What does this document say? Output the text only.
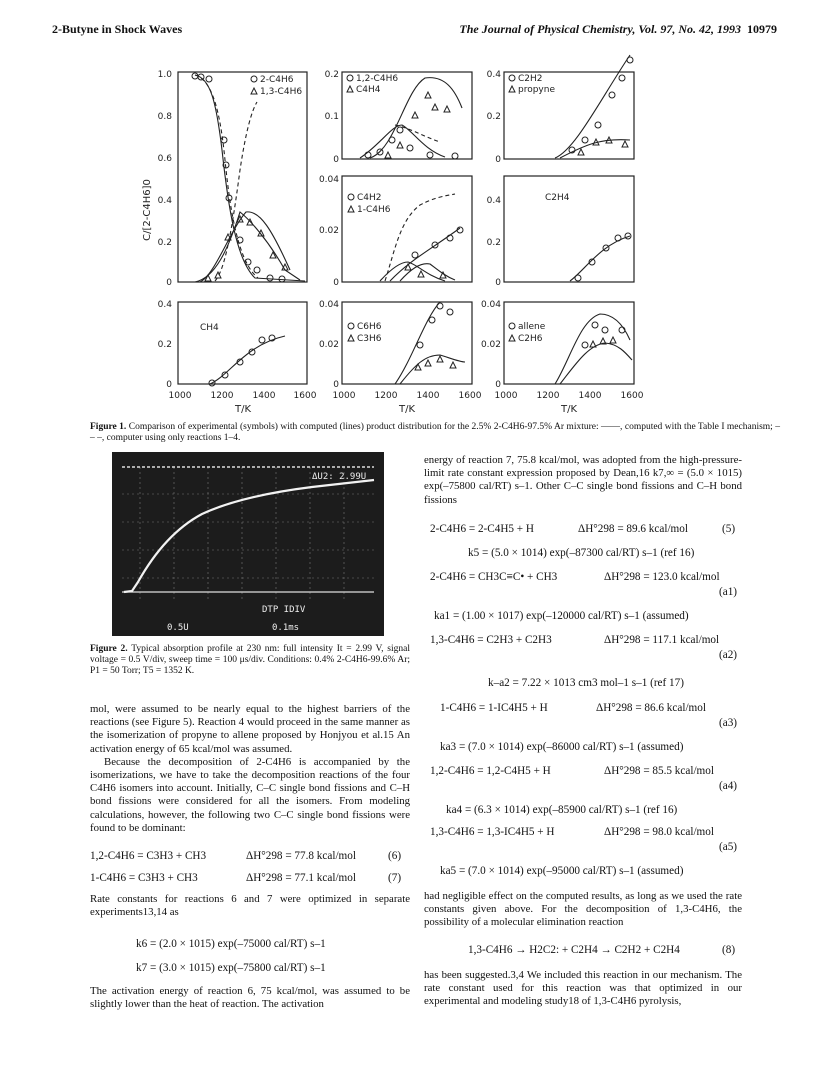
2-Butyne in Shock Waves	The Journal of Physical Chemistry, Vol. 97, No. 42, 1993 10979
0
0.2
0.4
0.6
0.8
1.0
0
0.1
0.2
0
0.2
0.4
0
0.02
0.04
0
0.2
0.4
0
0.2
0.4
0
0.02
0.04
0
0.02
0.04
C/[2-C4H6]0
1000 1200 1400 1600 1000 1200 1400 1600 1000 1200 1400 1600
T/K	T/K	T/K
2-C4H6
1,3-C4H6
1,2-C4H6
C4H4
C2H2
propyne
C4H2
1-C4H6
C2H4
CH4	C6H6
C3H6
allene
C2H6
Figure 1. Comparison of experimental (symbols) with computed (lines) product distribution for the 2.5% 2-C4H6-97.5% Ar mixture: ——, computed with the Table I mechanism; – – –, computer using only reactions 1–4.
ΔU2: 2.99U
DTP IDIV
0.5U	0.1ms
Figure 2. Typical absorption profile at 230 nm: full intensity It = 2.99 V, signal voltage = 0.5 V/div, sweep time = 100 μs/div. Conditions: 0.4% 2-C4H6-99.6% Ar; P1 = 50 Torr; T5 = 1352 K.

mol, were assumed to be nearly equal to the highest barriers of the reactions (see Figure 5). Reaction 4 would proceed in the same manner as the isomerization of propyne to allene proposed by Honjyou et al.15 An activation energy of 65 kcal/mol was assumed.

Because the decomposition of 2-C4H6 is accompanied by the isomerizations, we have to take the decomposition reactions of the four C4H6 isomers into account. Initially, C–C single bond fissions and C–H bond fissions were considered for all the isomers. From modeling calculations, however, the following two C–C single bond fissions were found to be dominant:

1,2-C4H6 = C3H3 + CH3	ΔH°298 = 77.8 kcal/mol	(6)
1-C4H6 = C3H3 + CH3	ΔH°298 = 77.1 kcal/mol	(7)
Rate constants for reactions 6 and 7 were optimized in separate experiments13,14 as
k6 = (2.0 × 1015) exp(–75000 cal/RT) s–1
k7 = (3.0 × 1015) exp(–75800 cal/RT) s–1
The activation energy of reaction 6, 75 kcal/mol, was assumed to be slightly lower than the heat of reaction. The activation

energy of reaction 7, 75.8 kcal/mol, was adopted from the high-pressure-limit rate constant expression proposed by Dean,16 k7,∞ = (5.0 × 1015) exp(–75800 cal/RT) s–1. Other C–C single bond fissions and C–H bond fissions

2-C4H6 = 2-C4H5 + H	ΔH°298 = 89.6 kcal/mol	(5)
k5 = (5.0 × 1014) exp(–87300 cal/RT) s–1 (ref 16)
2-C4H6 = CH3C≡C• + CH3	ΔH°298 = 123.0 kcal/mol
(a1)
ka1 = (1.00 × 1017) exp(–120000 cal/RT) s–1 (assumed)
1,3-C4H6 = C2H3 + C2H3	ΔH°298 = 117.1 kcal/mol
(a2)
k–a2 = 7.22 × 1013 cm3 mol–1 s–1 (ref 17)
1-C4H6 = 1-IC4H5 + H	ΔH°298 = 86.6 kcal/mol
(a3)
ka3 = (7.0 × 1014) exp(–86000 cal/RT) s–1 (assumed)
1,2-C4H6 = 1,2-C4H5 + H	ΔH°298 = 85.5 kcal/mol
(a4)
ka4 = (6.3 × 1014) exp(–85900 cal/RT) s–1 (ref 16)
1,3-C4H6 = 1,3-IC4H5 + H	ΔH°298 = 98.0 kcal/mol
(a5)
ka5 = (7.0 × 1014) exp(–95000 cal/RT) s–1 (assumed)
had negligible effect on the computed results, as long as we used the rate constants given above. For the decomposition of 1,3-C4H6, the possibility of a molecular elimination reaction
1,3-C4H6 → H2C2: + C2H4 → C2H2 + C2H4	(8)
has been suggested.3,4 We included this reaction in our mechanism. The rate constant used for this reaction was that optimized in our experimental and modeling study18 of 1,3-C4H6 pyrolysis,
